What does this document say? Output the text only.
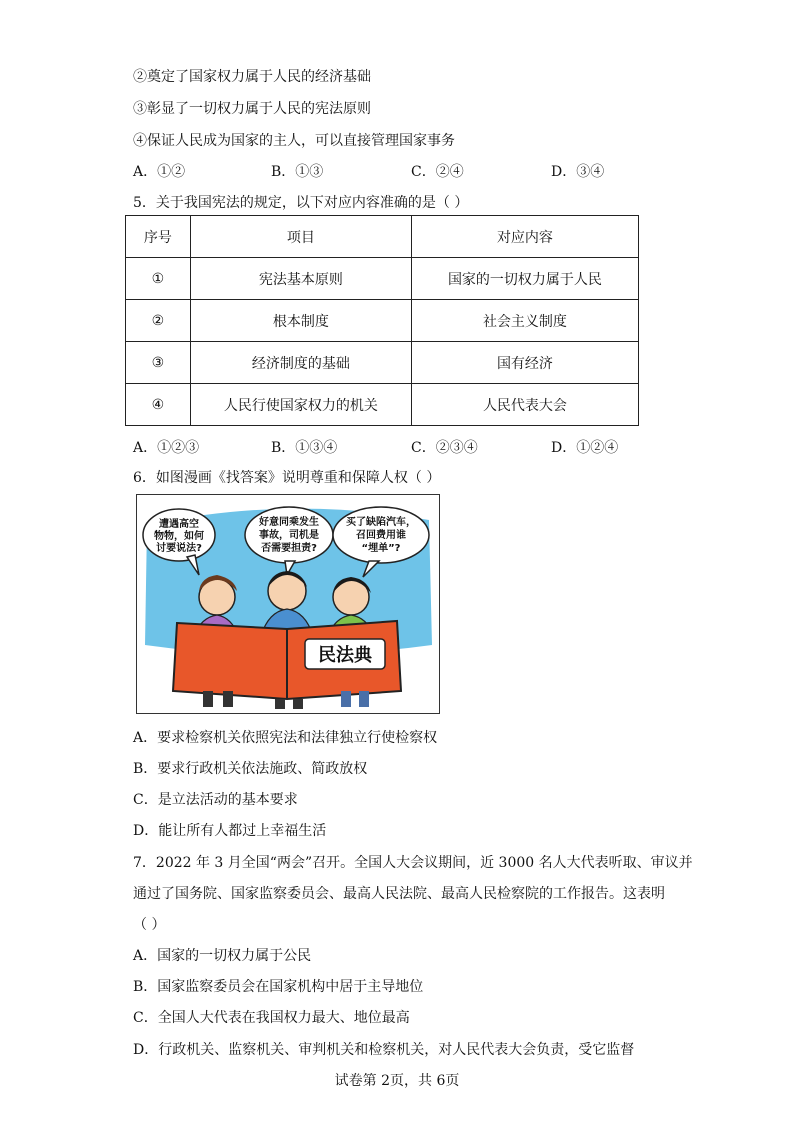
②奠定了国家权力属于人民的经济基础
③彰显了一切权力属于人民的宪法原则
④保证人民成为国家的主人，可以直接管理国家事务
A．①②	B．①③	C．②④	D．③④
5．关于我国宪法的规定，以下对应内容准确的是（ ）
序号	项目	对应内容
①	宪法基本原则	国家的一切权力属于人民
②	根本制度	社会主义制度
③	经济制度的基础	国有经济
④	人民行使国家权力的机关	人民代表大会
A．①②③	B．①③④	C．②③④	D．①②④
6．如图漫画《找答案》说明尊重和保障人权（ ）
遭遇高空
物物，如何
讨要说法?
好意同乘发生
事故，司机是
否需要担责?
买了缺陷汽车，
召回费用谁
“埋单”?
民法典
A．要求检察机关依照宪法和法律独立行使检察权
B．要求行政机关依法施政、简政放权
C．是立法活动的基本要求
D．能让所有人都过上幸福生活
7．2022 年 3 月全国“两会”召开。全国人大会议期间，近 3000 名人大代表听取、审议并
通过了国务院、国家监察委员会、最高人民法院、最高人民检察院的工作报告。这表明
（ ）
A．国家的一切权力属于公民
B．国家监察委员会在国家机构中居于主导地位
C．全国人大代表在我国权力最大、地位最高
D．行政机关、监察机关、审判机关和检察机关，对人民代表大会负责，受它监督
试卷第 2页，共 6页
